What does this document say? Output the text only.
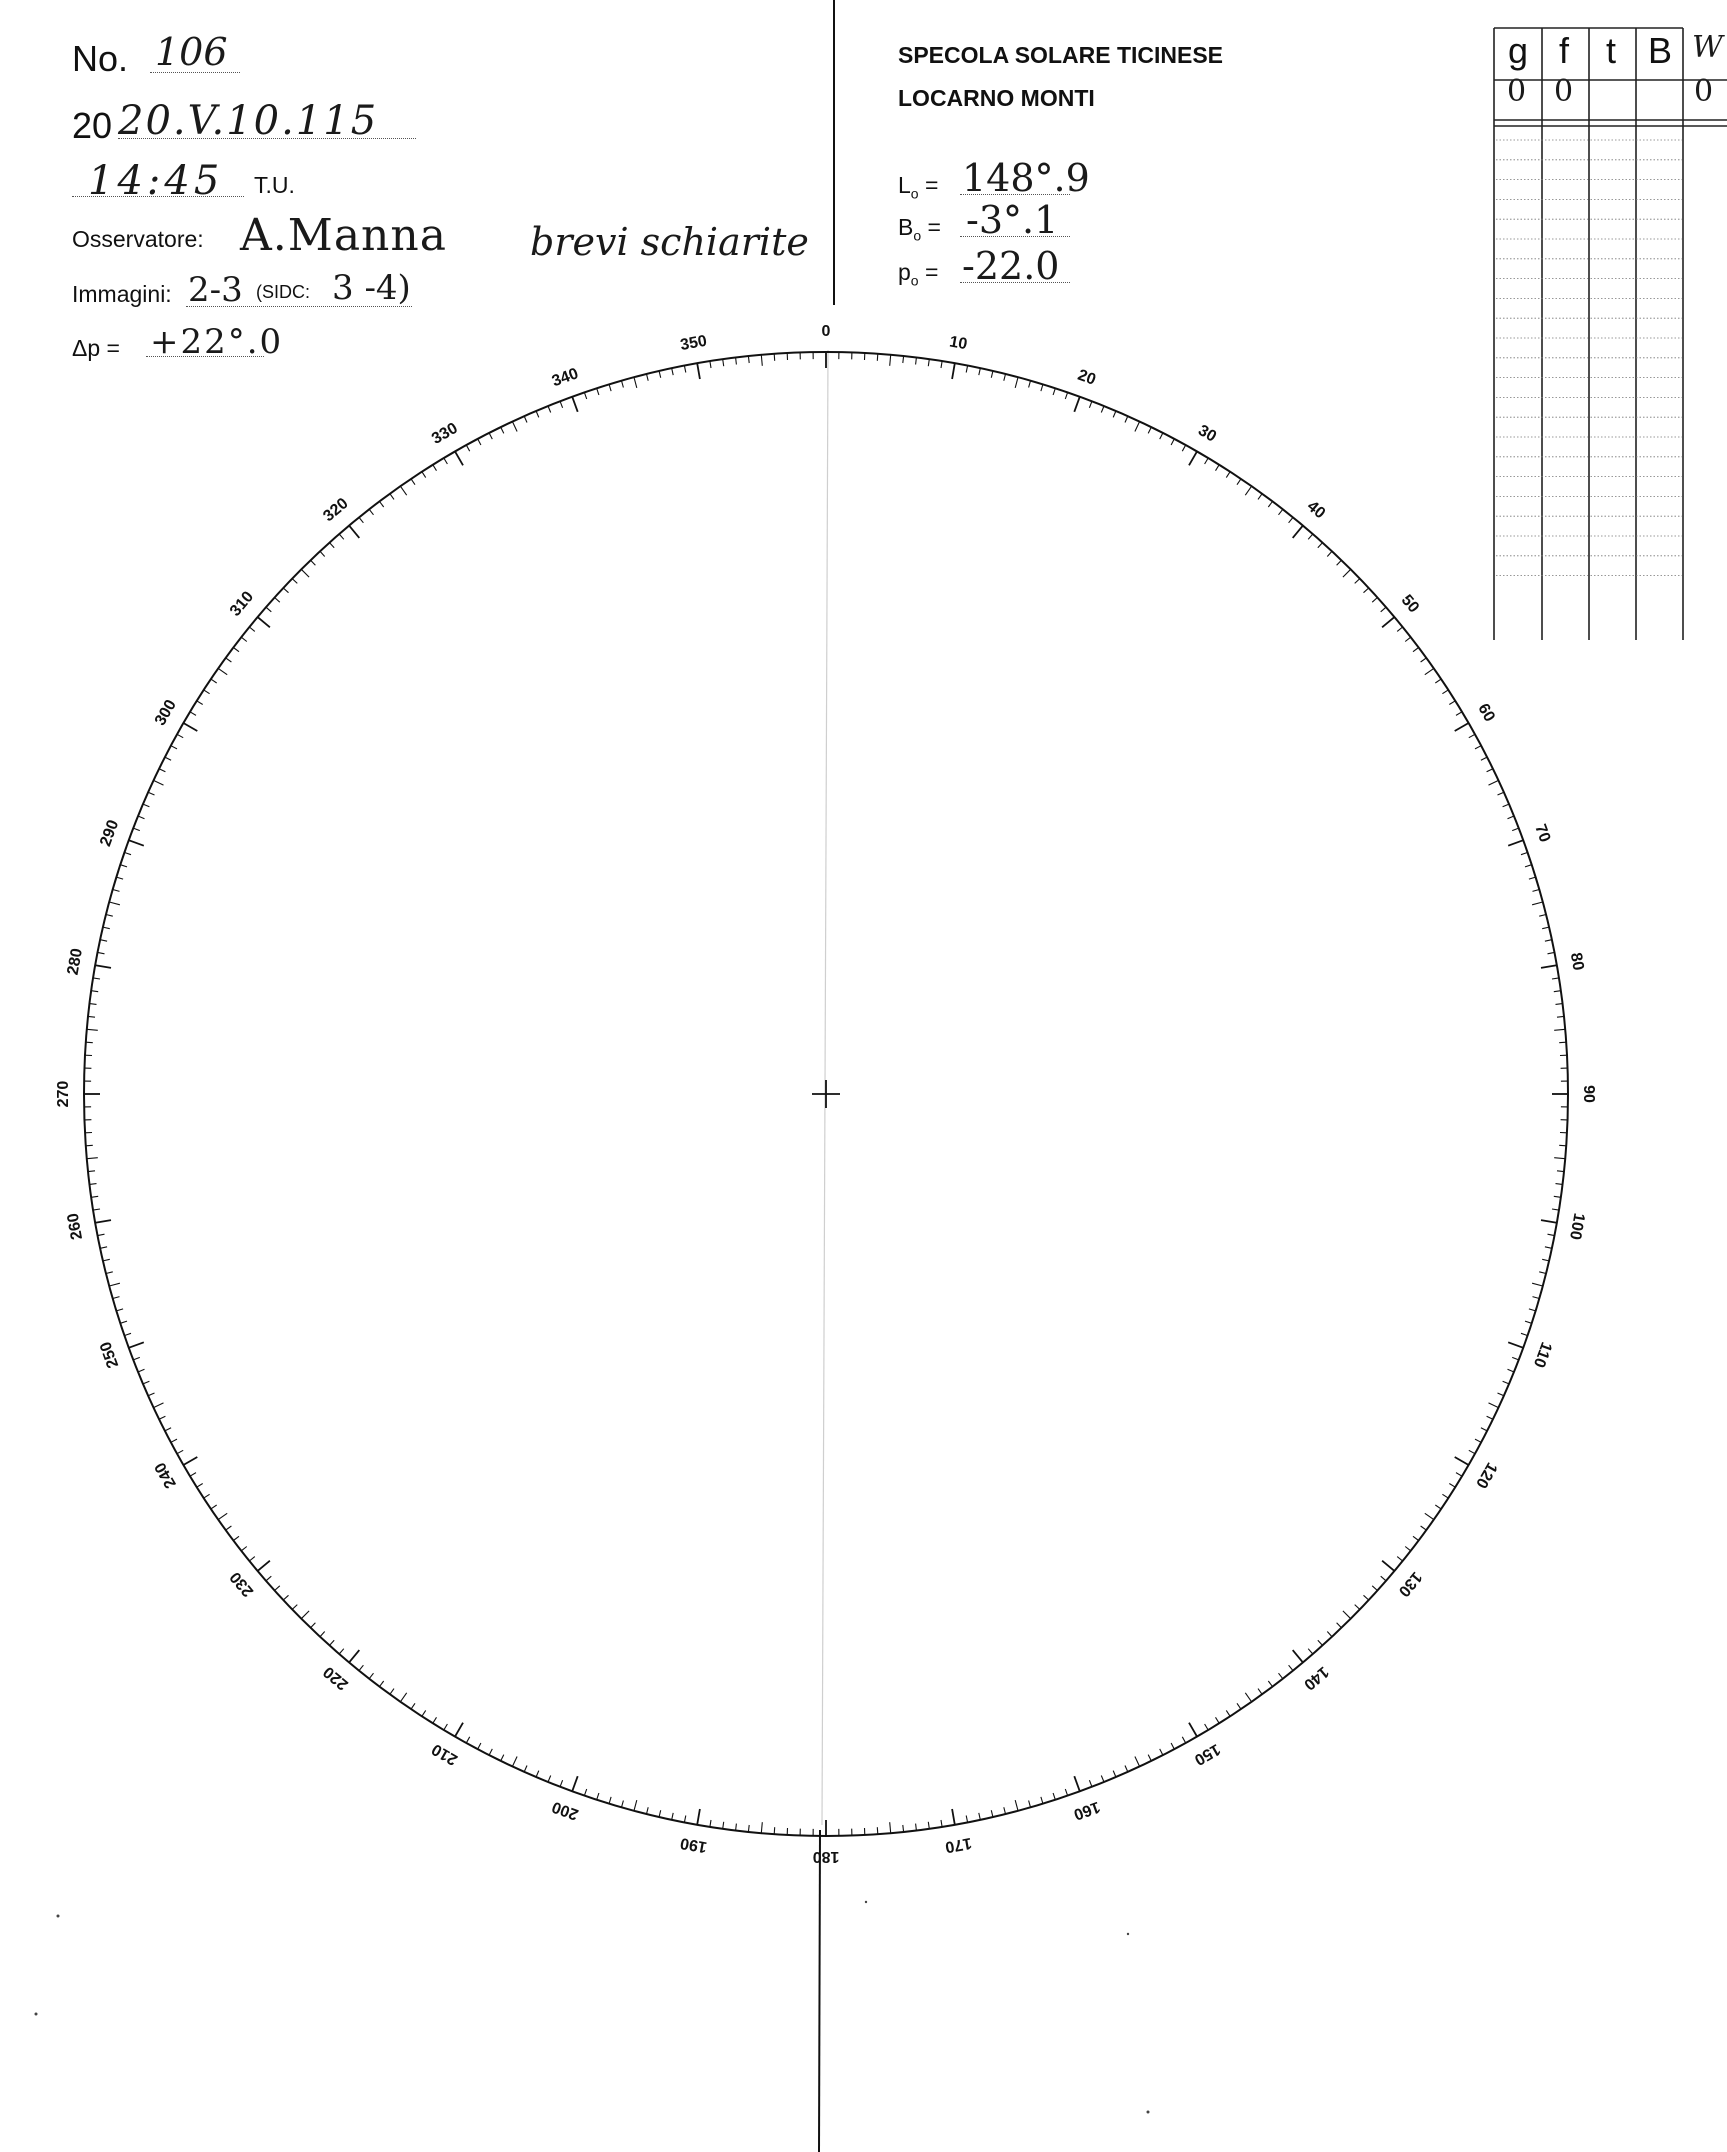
No. 106
20 20.V.10.115
14:45 T.U.
Osservatore: A.Manna brevi schiarite
Immagini: 2-3 (SIDC: 3 -4)
Δp = +22°.0
SPECOLA SOLARE TICINESE
LOCARNO MONTI
$L_o = 148^\circ.9$
$B_o = -3^\circ.1$
$p_o = -22.0$
g f t B W
0 0	0
0
10
20
30
40
50
60
70
80
90
100
110
120
130
140
150
160
170
180
190
200
210
220
230
240
250
260
270
280
290
300
310
320
330
340
350
